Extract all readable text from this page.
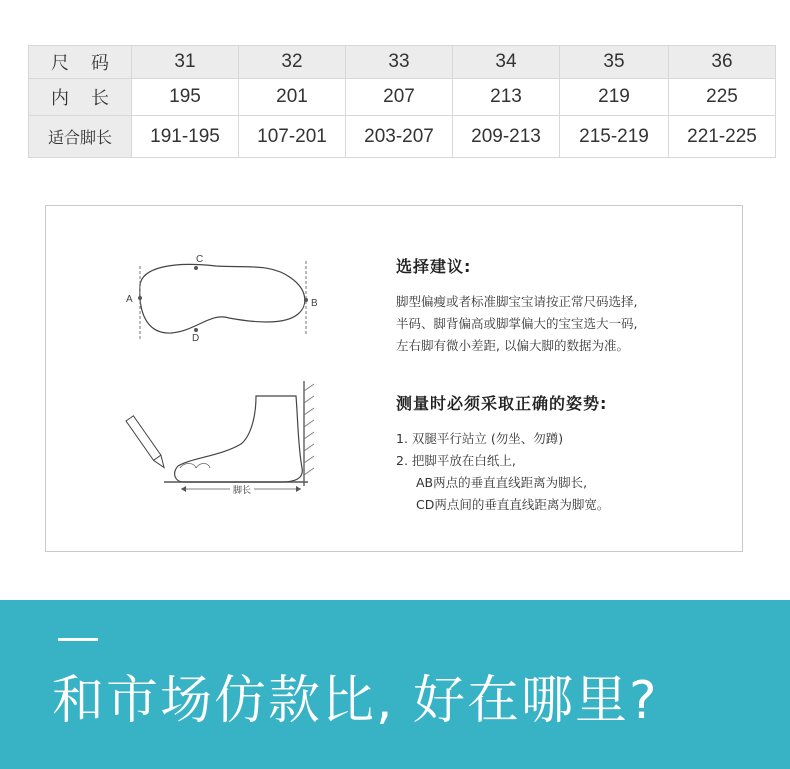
尺码	31	32	33	34	35	36
内长	195	201	207	213	219	225
适合脚长	191-195	107-201	203-207	209-213	215-219	221-225
A	B
C
D
脚长
选择建议:
脚型偏瘦或者标准脚宝宝请按正常尺码选择,
半码、脚背偏高或脚掌偏大的宝宝选大一码,
左右脚有微小差距, 以偏大脚的数据为准。
测量时必须采取正确的姿势:
1. 双腿平行站立 (勿坐、勿蹲)
2. 把脚平放在白纸上,
AB两点的垂直直线距离为脚长,
CD两点间的垂直直线距离为脚宽。
和市场仿款比, 好在哪里?
